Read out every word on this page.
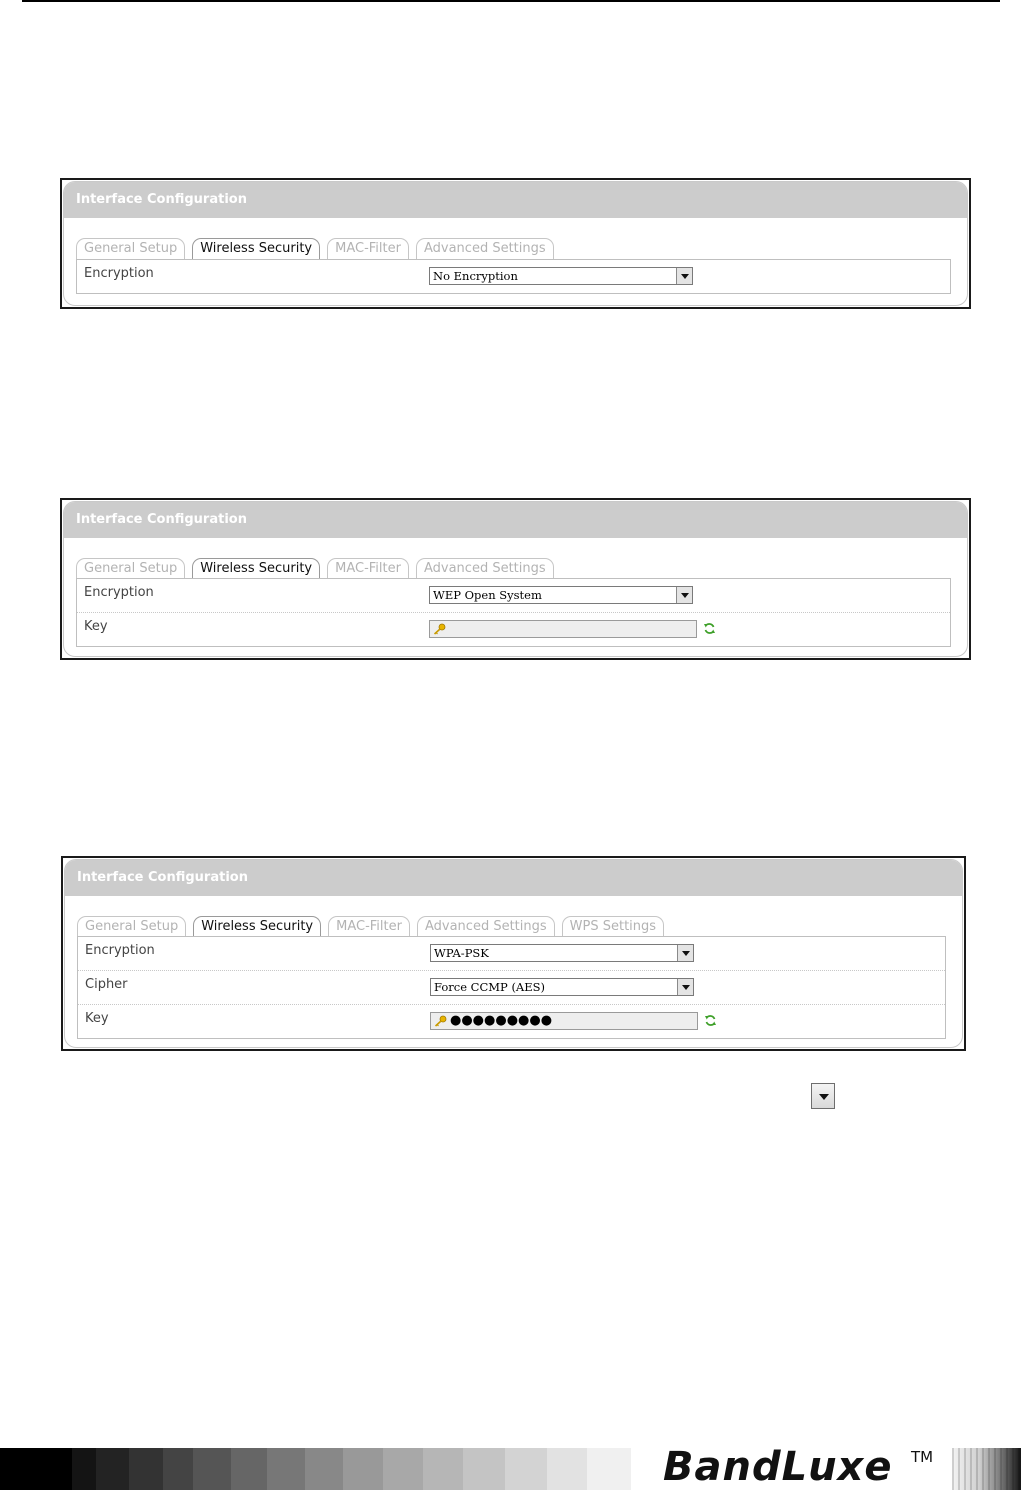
Interface Configuration
General Setup	Wireless Security	MAC-Filter	Advanced Settings
Encryption	No Encryption
Interface Configuration
General Setup	Wireless Security	MAC-Filter	Advanced Settings
Encryption	WEP Open System
Key
Interface Configuration
General Setup	Wireless Security	MAC-Filter	Advanced Settings	WPS Settings
Encryption	WPA-PSK
Cipher	Force CCMP (AES)
Key	●●●●●●●●●
BandLuxe TM
